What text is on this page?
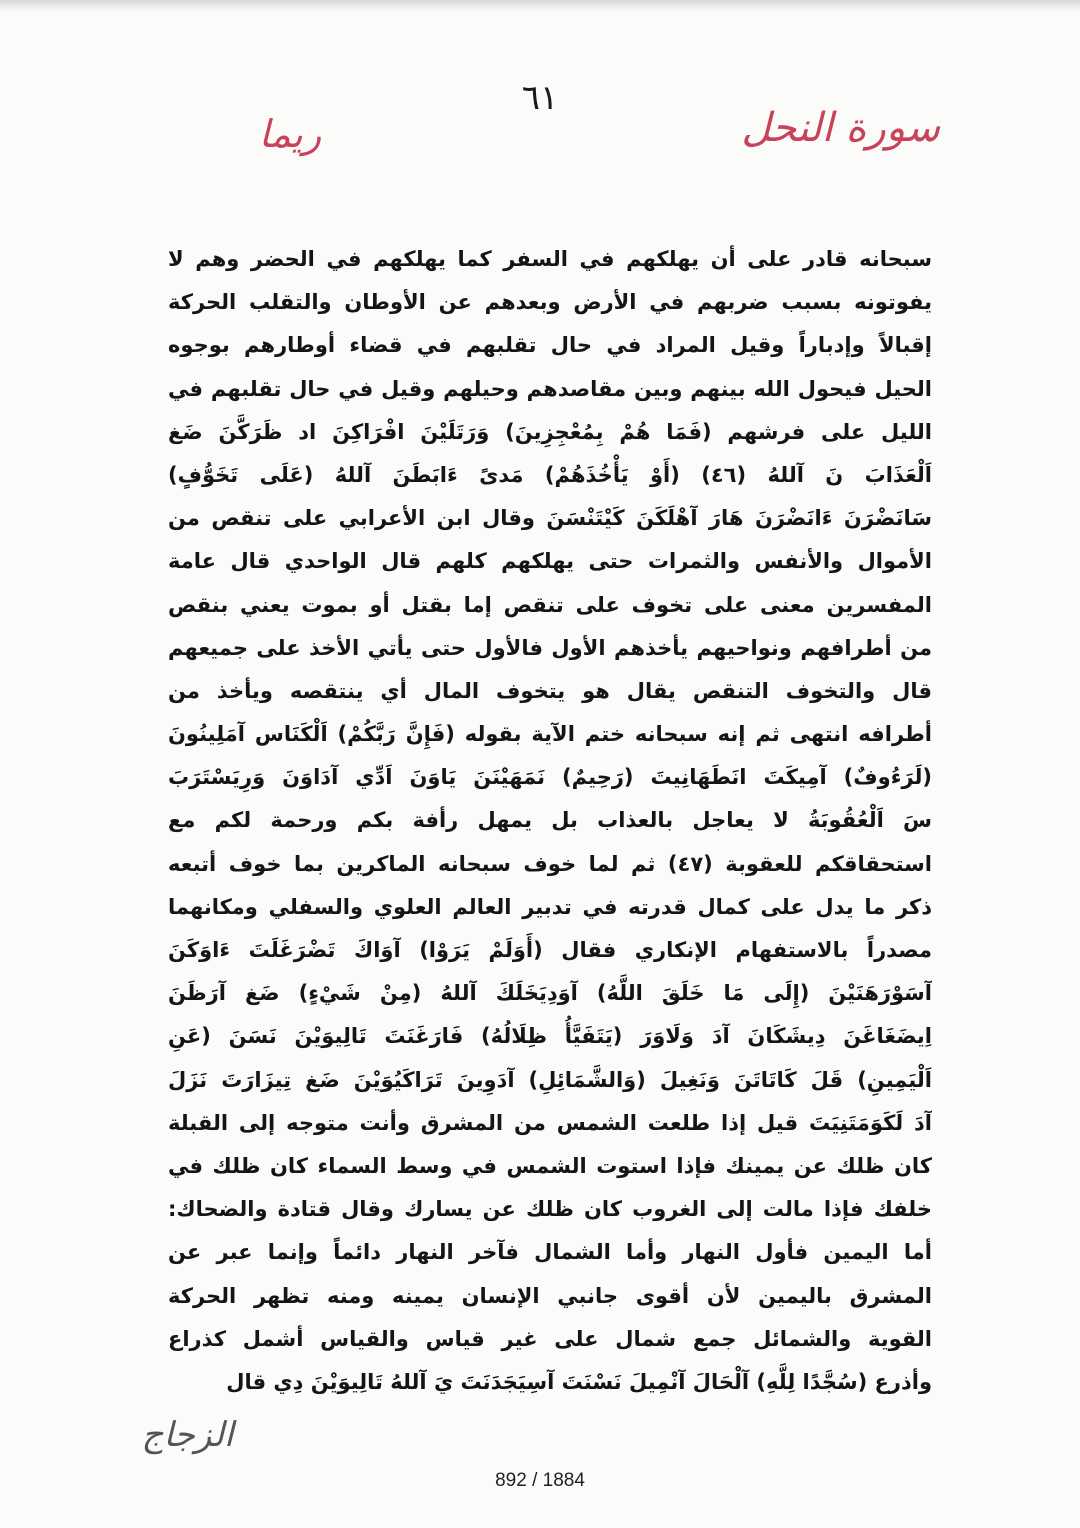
٦١
سورة النحل
ريما
سبحانه قادر على أن يهلكهم في السفر كما يهلكهم في الحضر وهم لا
يفوتونه بسبب ضربهم في الأرض وبعدهم عن الأوطان والتقلب الحركة
إقبالاً وإدباراً وقيل المراد في حال تقلبهم في قضاء أوطارهم بوجوه
الحيل فيحول الله بينهم وبين مقاصدهم وحيلهم وقيل في حال تقلبهم في
الليل على فرشهم (فَمَا هُمْ بِمُعْجِزِينَ) وَرَتَلَيْنَ افْرَاكِنَ اد ظَرَكَّنَ ضَغ
اَلْعَذَابَ نَ آللهُ (٤٦) (أَوْ يَأْخُذَهُمْ) مَدىً ءَابَطَنَ آللهُ (عَلَى تَخَوُّفٍ)
سَانَضْرَنَ ءَانَضْرَنَ هَارَ آهْلَكَنَ كَيْتَنْسَنَ وقال ابن الأعرابي على تنقص من
الأموال والأنفس والثمرات حتى يهلكهم كلهم قال الواحدي قال عامة
المفسرين معنى على تخوف على تنقص إما بقتل أو بموت يعني بنقص
من أطرافهم ونواحيهم يأخذهم الأول فالأول حتى يأتي الأخذ على جميعهم
قال والتخوف التنقص يقال هو يتخوف المال أي ينتقصه ويأخذ من
أطرافه انتهى ثم إنه سبحانه ختم الآية بقوله (فَإِنَّ رَبَّكُمْ) اَلْكَنَاس آمَلِينُونَ
(لَرَءُوفٌ) آمِيكَتَ انَطَهَانِيتَ (رَحِيمٌ) نَمَهَيْنَنَ يَاوَنَ اَدِّي آدَاوَنَ وَرِيَسْتَرَبَ
سَ اَلْعُقُوبَةُ لا يعاجل بالعذاب بل يمهل رأفة بكم ورحمة لكم مع
استحقاقكم للعقوبة (٤٧) ثم لما خوف سبحانه الماكرين بما خوف أتبعه
ذكر ما يدل على كمال قدرته في تدبير العالم العلوي والسفلي ومكانهما
مصدراً بالاستفهام الإنكاري فقال (أَوَلَمْ يَرَوْا) آوَاكَ تَضْرَغَلَتَ ءَاوَكَنَ
آسَوْرَهَنَيْنَ (إِلَى مَا خَلَقَ اللَّهُ) آوَدِيَخَلَكَ آللهُ (مِنْ شَيْءٍ) ضَغ آرَظَنَ
اِيضَغَاغَنَ دِيشَكَانَ آدَ وَلَاوَرَ (يَتَفَيَّأُ ظِلَالُهُ) فَارَغَنَتَ تَالِيوَيْنَ نَسَنَ (عَنِ
اَلْيَمِينِ) قَلَ كَاتَاتَنَ وَنَغِيلَ (وَالشَّمَائِلِ) آدَوِينَ تَرَاكَيُوَيْنَ ضَغ تِيزَارَتَ نَزَلَ
آدَ لَكَوَمَتَنِيَتَ قيل إذا طلعت الشمس من المشرق وأنت متوجه إلى القبلة
كان ظلك عن يمينك فإذا استوت الشمس في وسط السماء كان ظلك في
خلفك فإذا مالت إلى الغروب كان ظلك عن يسارك وقال قتادة والضحاك:
أما اليمين فأول النهار وأما الشمال فآخر النهار دائماً وإنما عبر عن
المشرق باليمين لأن أقوى جانبي الإنسان يمينه ومنه تظهر الحركة
القوية والشمائل جمع شمال على غير قياس والقياس أشمل كذراع
وأذرع (سُجَّدًا لِلَّهِ) آلْحَالَ آنْمِيلَ نَسْنَتَ آسِيَجَدَنَتَ يَ آللهُ تَالِيوَيْنَ دِي قال
الزجاج
892 / 1884
